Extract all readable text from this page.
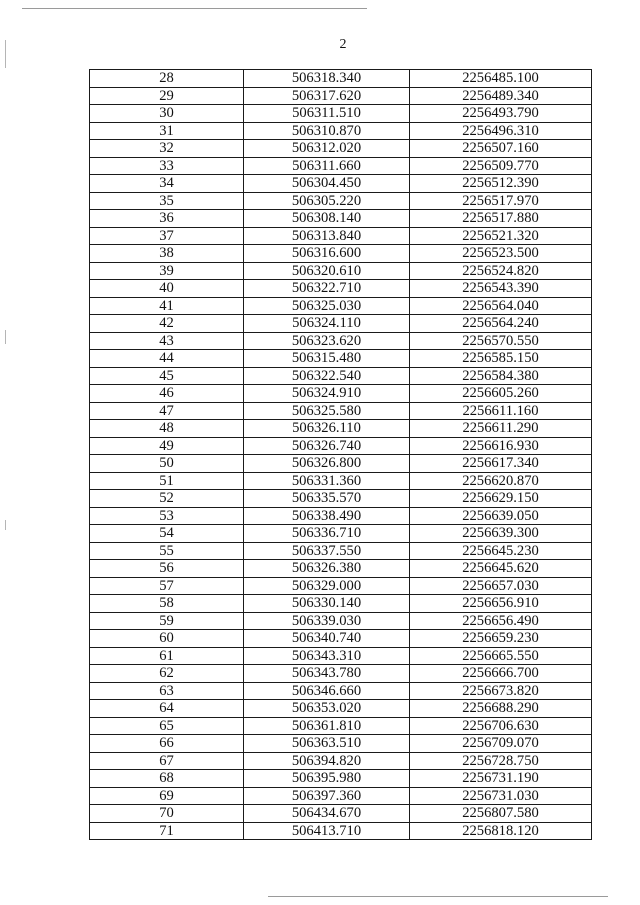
2
28	506318.340	2256485.100
29	506317.620	2256489.340
30	506311.510	2256493.790
31	506310.870	2256496.310
32	506312.020	2256507.160
33	506311.660	2256509.770
34	506304.450	2256512.390
35	506305.220	2256517.970
36	506308.140	2256517.880
37	506313.840	2256521.320
38	506316.600	2256523.500
39	506320.610	2256524.820
40	506322.710	2256543.390
41	506325.030	2256564.040
42	506324.110	2256564.240
43	506323.620	2256570.550
44	506315.480	2256585.150
45	506322.540	2256584.380
46	506324.910	2256605.260
47	506325.580	2256611.160
48	506326.110	2256611.290
49	506326.740	2256616.930
50	506326.800	2256617.340
51	506331.360	2256620.870
52	506335.570	2256629.150
53	506338.490	2256639.050
54	506336.710	2256639.300
55	506337.550	2256645.230
56	506326.380	2256645.620
57	506329.000	2256657.030
58	506330.140	2256656.910
59	506339.030	2256656.490
60	506340.740	2256659.230
61	506343.310	2256665.550
62	506343.780	2256666.700
63	506346.660	2256673.820
64	506353.020	2256688.290
65	506361.810	2256706.630
66	506363.510	2256709.070
67	506394.820	2256728.750
68	506395.980	2256731.190
69	506397.360	2256731.030
70	506434.670	2256807.580
71	506413.710	2256818.120
